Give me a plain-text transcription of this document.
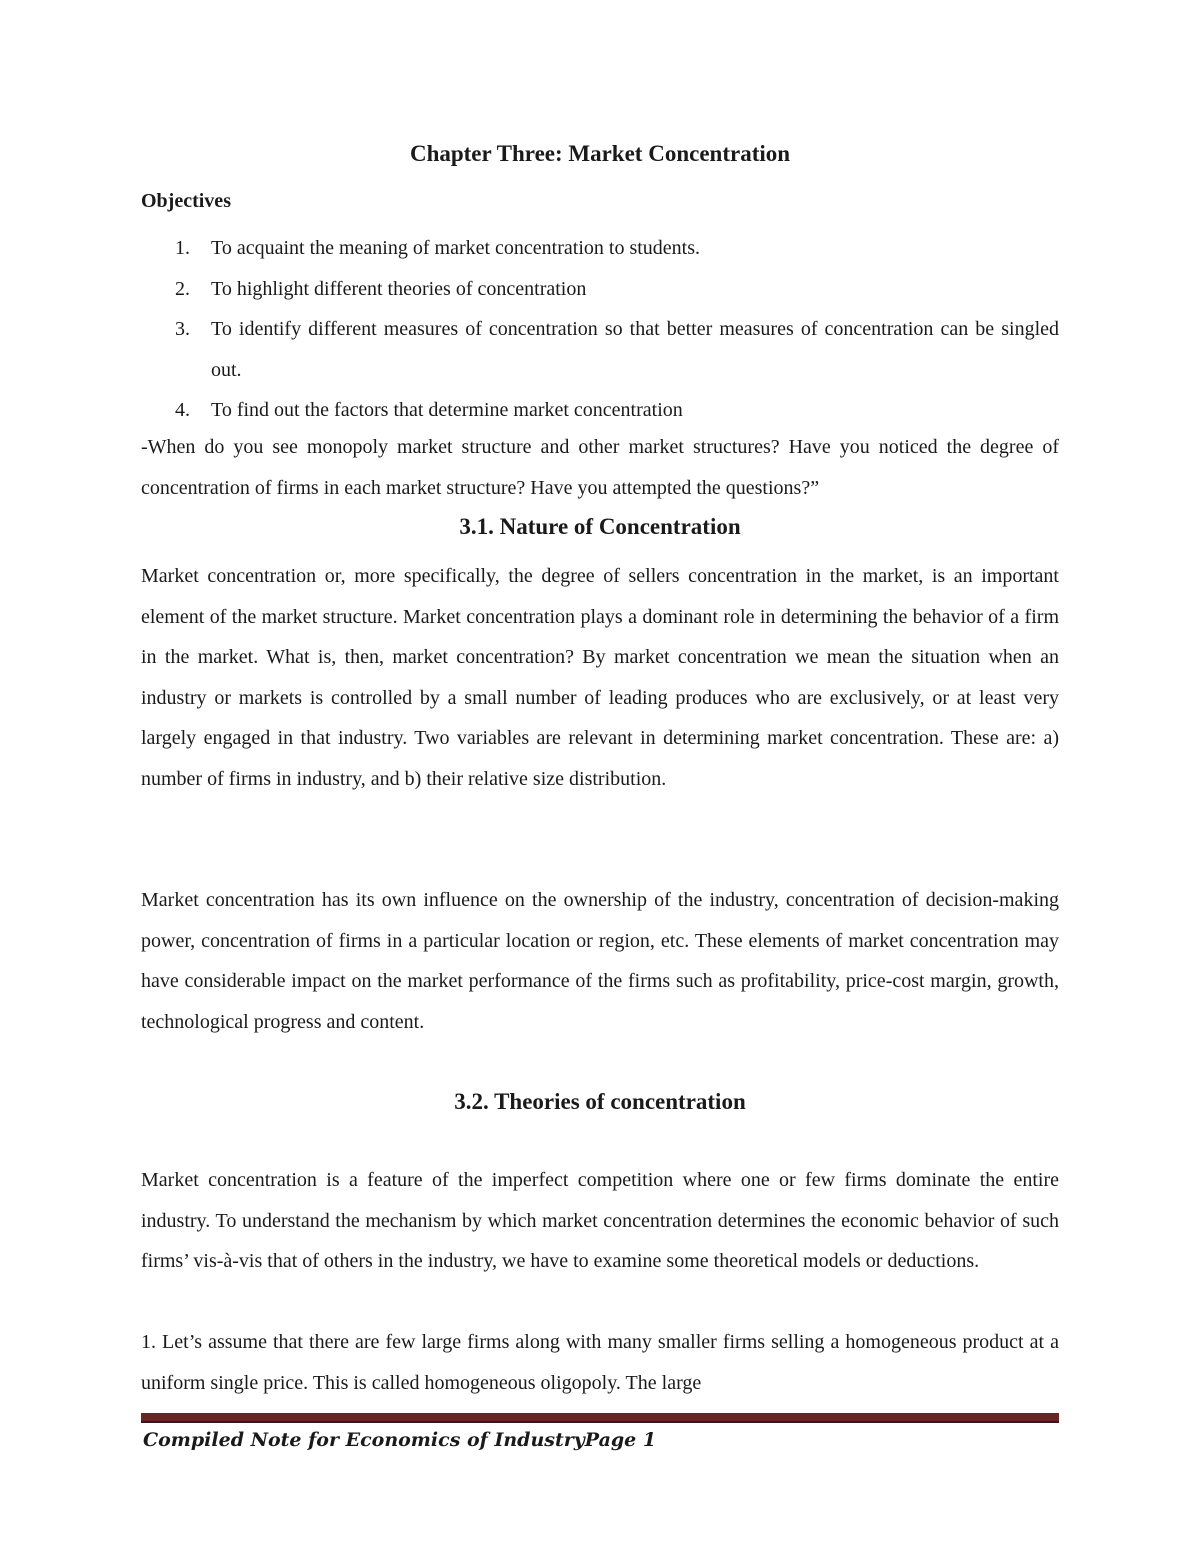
Chapter Three: Market Concentration
Objectives
1. To acquaint the meaning of market concentration to students.
2. To highlight different theories of concentration
3. To identify different measures of concentration so that better measures of concentration can be singled out.
4. To find out the factors that determine market concentration

-When do you see monopoly market structure and other market structures? Have you noticed the degree of concentration of firms in each market structure? Have you attempted the questions?”

3.1. Nature of Concentration

Market concentration or, more specifically, the degree of sellers concentration in the market, is an important element of the market structure. Market concentration plays a dominant role in determining the behavior of a firm in the market. What is, then, market concentration? By market concentration we mean the situation when an industry or markets is controlled by a small number of leading produces who are exclusively, or at least very largely engaged in that industry. Two variables are relevant in determining market concentration. These are: a) number of firms in industry, and b) their relative size distribution.

Market concentration has its own influence on the ownership of the industry, concentration of decision-making power, concentration of firms in a particular location or region, etc. These elements of market concentration may have considerable impact on the market performance of the firms such as profitability, price-cost margin, growth, technological progress and content.

3.2. Theories of concentration

Market concentration is a feature of the imperfect competition where one or few firms dominate the entire industry. To understand the mechanism by which market concentration determines the economic behavior of such firms’ vis-à-vis that of others in the industry, we have to examine some theoretical models or deductions.

1. Let’s assume that there are few large firms along with many smaller firms selling a homogeneous product at a uniform single price. This is called homogeneous oligopoly. The large

Compiled Note for Economics of IndustryPage 1
